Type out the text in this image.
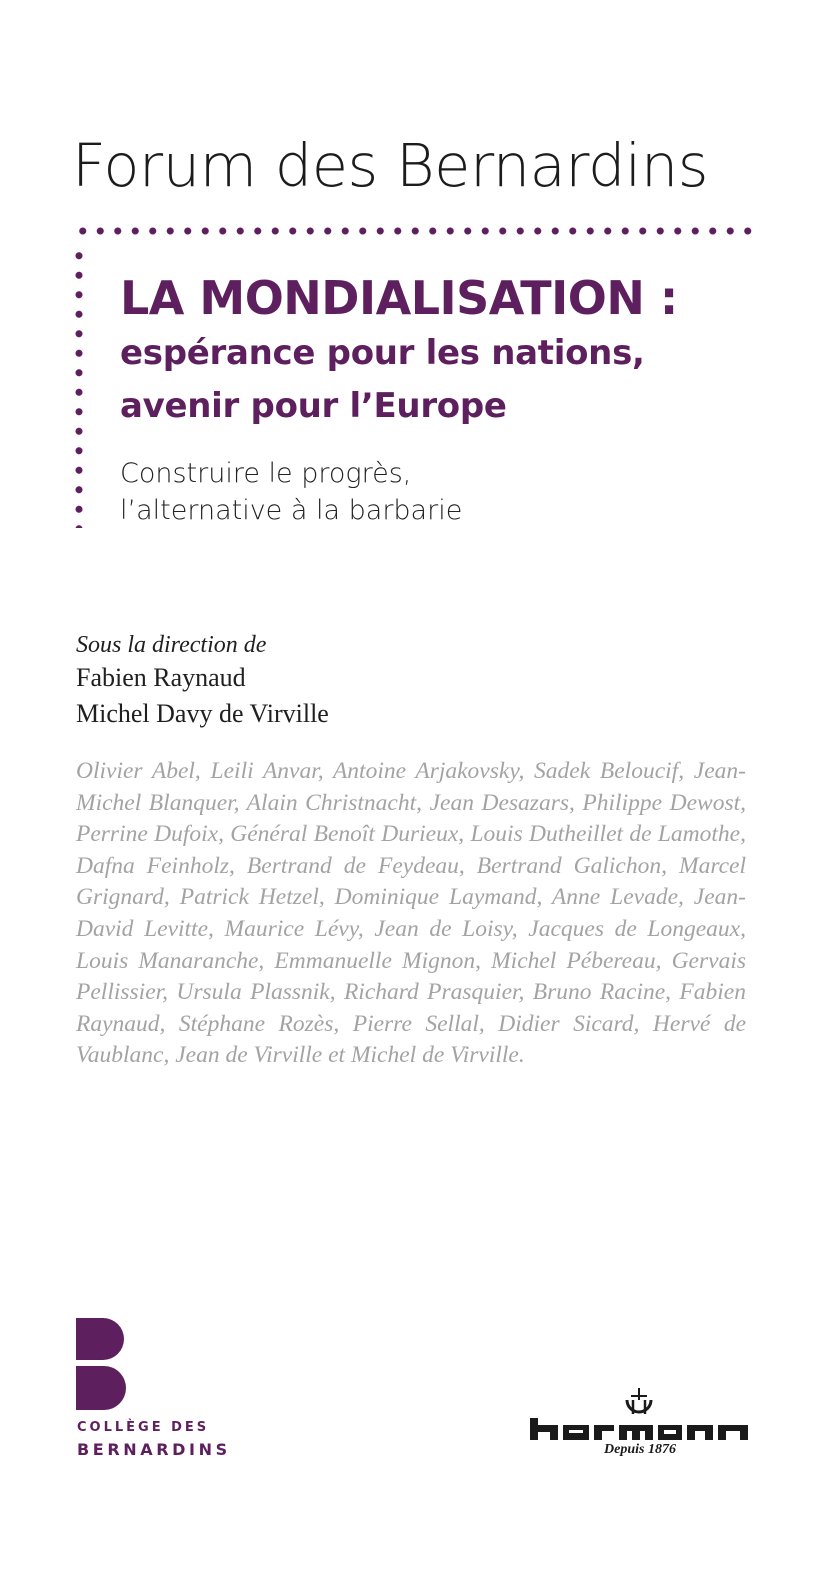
Forum des Bernardins
LA MONDIALISATION :
espérance pour les nations,
avenir pour l’Europe
Construire le progrès,
l’alternative à la barbarie
Sous la direction de
Fabien Raynaud
Michel Davy de Virville
Olivier Abel, Leili Anvar, Antoine Arjakovsky, Sadek Beloucif, Jean-Michel Blanquer, Alain Christnacht, Jean Desazars, Philippe Dewost, Perrine Dufoix, Général Benoît Durieux, Louis Dutheillet de Lamothe, Dafna Feinholz, Bertrand de Feydeau, Bertrand Galichon, Marcel Grignard, Patrick Hetzel, Dominique Laymand, Anne Levade, Jean-David Levitte, Maurice Lévy, Jean de Loisy, Jacques de Longeaux, Louis Manaranche, Emmanuelle Mignon, Michel Pébereau, Gervais Pellissier, Ursula Plassnik, Richard Prasquier, Bruno Racine, Fabien Raynaud, Stéphane Rozès, Pierre Sellal, Didier Sicard, Hervé de Vaublanc, Jean de Virville et Michel de Virville.
COLLÈGE DES
BERNARDINS	Depuis 1876
